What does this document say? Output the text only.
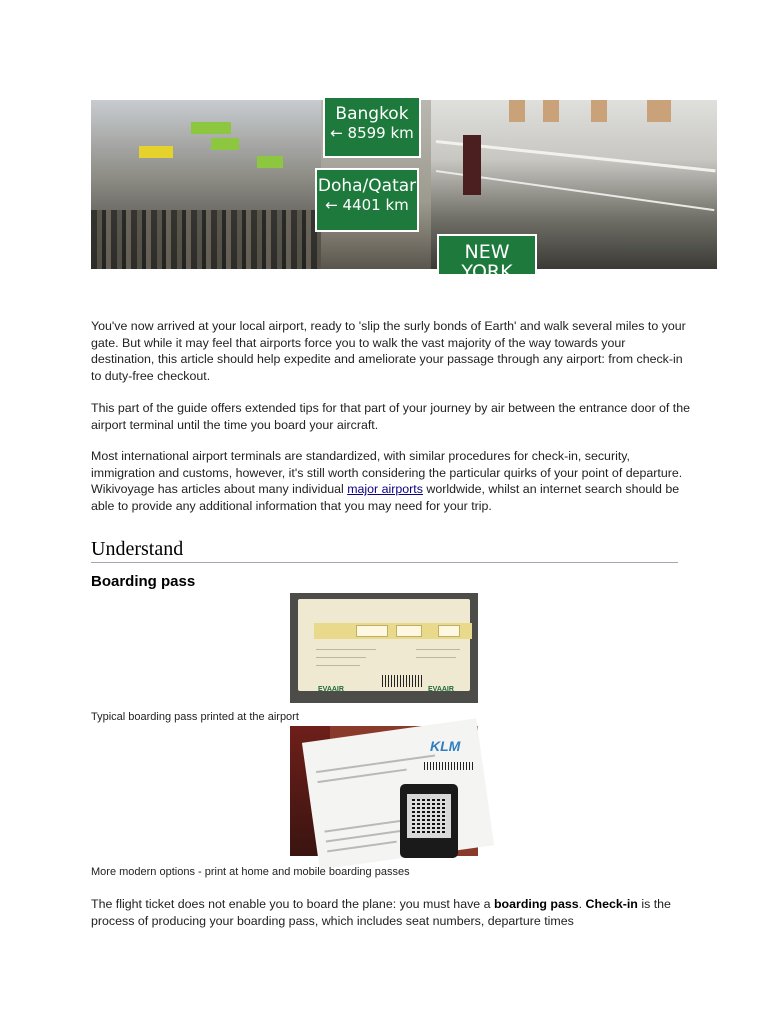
Bangkok
← 8599 km
Doha/Qatar
← 4401 km
NEW YORK

You've now arrived at your local airport, ready to 'slip the surly bonds of Earth' and walk several miles to your gate. But while it may feel that airports force you to walk the vast majority of the way towards your destination, this article should help expedite and ameliorate your passage through any airport: from check-in to duty-free checkout.

This part of the guide offers extended tips for that part of your journey by air between the entrance door of the airport terminal until the time you board your aircraft.

Most international airport terminals are standardized, with similar procedures for check-in, security, immigration and customs, however, it's still worth considering the particular quirks of your point of departure. Wikivoyage has articles about many individual major airports worldwide, whilst an internet search should be able to provide any additional information that you may need for your trip.

Understand
Boarding pass
EVAAIR	EVAAIR

Typical boarding pass printed at the airport

KLM

More modern options - print at home and mobile boarding passes

The flight ticket does not enable you to board the plane: you must have a boarding pass. Check-in is the process of producing your boarding pass, which includes seat numbers, departure times
